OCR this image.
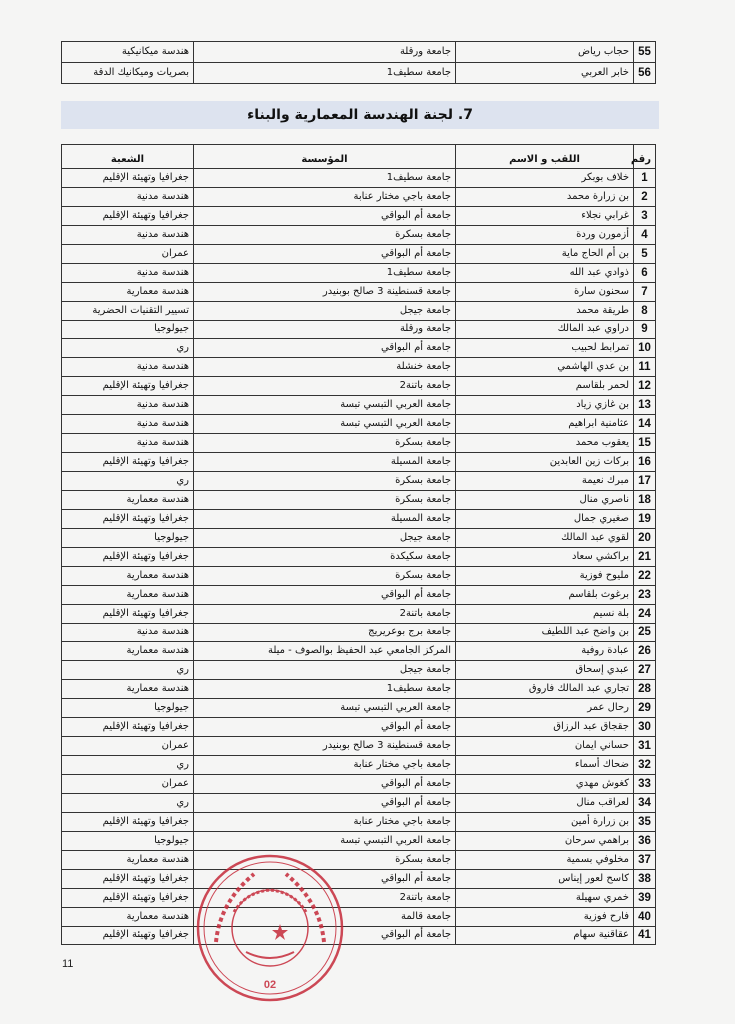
55	حجاب رياض	جامعة ورقلة	هندسة ميكانيكية
56	خابر العربي	جامعة سطيف1	بصريات وميكانيك الدقة
7. لجنة الهندسة المعمارية والبناء
رقم	اللقب و الاسم	المؤسسة	الشعبة
1	خلاف بوبكر	جامعة سطيف1	جغرافيا وتهيئة الإقليم
2	بن زرارة محمد	جامعة باجي مختار عنابة	هندسة مدنية
3	غرابي نجلاء	جامعة أم البواقي	جغرافيا وتهيئة الإقليم
4	أزمورن وردة	جامعة بسكرة	هندسة مدنية
5	بن أم الحاج ماية	جامعة أم البواقي	عمران
6	ذوادي عبد الله	جامعة سطيف1	هندسة مدنية
7	سحنون سارة	جامعة قسنطينة 3 صالح بوبنيدر	هندسة معمارية
8	طريقة محمد	جامعة جيجل	تسيير التقنيات الحضرية
9	دراوي عبد المالك	جامعة ورقلة	جيولوجيا
10	تمرابط لحبيب	جامعة أم البواقي	ري
11	بن عدي الهاشمي	جامعة خنشلة	هندسة مدنية
12	لحمر بلقاسم	جامعة باتنة2	جغرافيا وتهيئة الإقليم
13	بن غازي زياد	جامعة العربي التبسي تبسة	هندسة مدنية
14	عثامنية ابراهيم	جامعة العربي التبسي تبسة	هندسة مدنية
15	يعقوب محمد	جامعة بسكرة	هندسة مدنية
16	بركات زين العابدين	جامعة المسيلة	جغرافيا وتهيئة الإقليم
17	مبرك نعيمة	جامعة بسكرة	ري
18	ناصري منال	جامعة بسكرة	هندسة معمارية
19	صغيري جمال	جامعة المسيلة	جغرافيا وتهيئة الإقليم
20	لقوي عبد المالك	جامعة جيجل	جيولوجيا
21	براكشي سعاد	جامعة سكيكدة	جغرافيا وتهيئة الإقليم
22	مليوح فوزية	جامعة بسكرة	هندسة معمارية
23	برغوث بلقاسم	جامعة أم البواقي	هندسة معمارية
24	بلة نسيم	جامعة باتنة2	جغرافيا وتهيئة الإقليم
25	بن واضح عبد اللطيف	جامعة برج بوعريريج	هندسة مدنية
26	عبادة روفية	المركز الجامعي عبد الحفيظ بوالصوف - ميلة	هندسة معمارية
27	عبدي إسحاق	جامعة جيجل	ري
28	تجاري عبد المالك فاروق	جامعة سطيف1	هندسة معمارية
29	رحال عمر	جامعة العربي التبسي تبسة	جيولوجيا
30	جقجاق عبد الرزاق	جامعة أم البواقي	جغرافيا وتهيئة الإقليم
31	حساني ايمان	جامعة قسنطينة 3 صالح بوبنيدر	عمران
32	ضحاك أسماء	جامعة باجي مختار عنابة	ري
33	كغوش مهدي	جامعة أم البواقي	عمران
34	لعراقب منال	جامعة أم البواقي	ري
35	بن زرارة أمين	جامعة باجي مختار عنابة	جغرافيا وتهيئة الإقليم
36	براهمي سرحان	جامعة العربي التبسي تبسة	جيولوجيا
37	مخلوفي بسمية	جامعة بسكرة	هندسة معمارية
38	كاسح لعور إيناس	جامعة أم البواقي	جغرافيا وتهيئة الإقليم
39	خمري سهيلة	جامعة باتنة2	جغرافيا وتهيئة الإقليم
40	فارح فوزية	جامعة قالمة	هندسة معمارية
41	عقاقنية سهام	جامعة أم البواقي	جغرافيا وتهيئة الإقليم
02
11
